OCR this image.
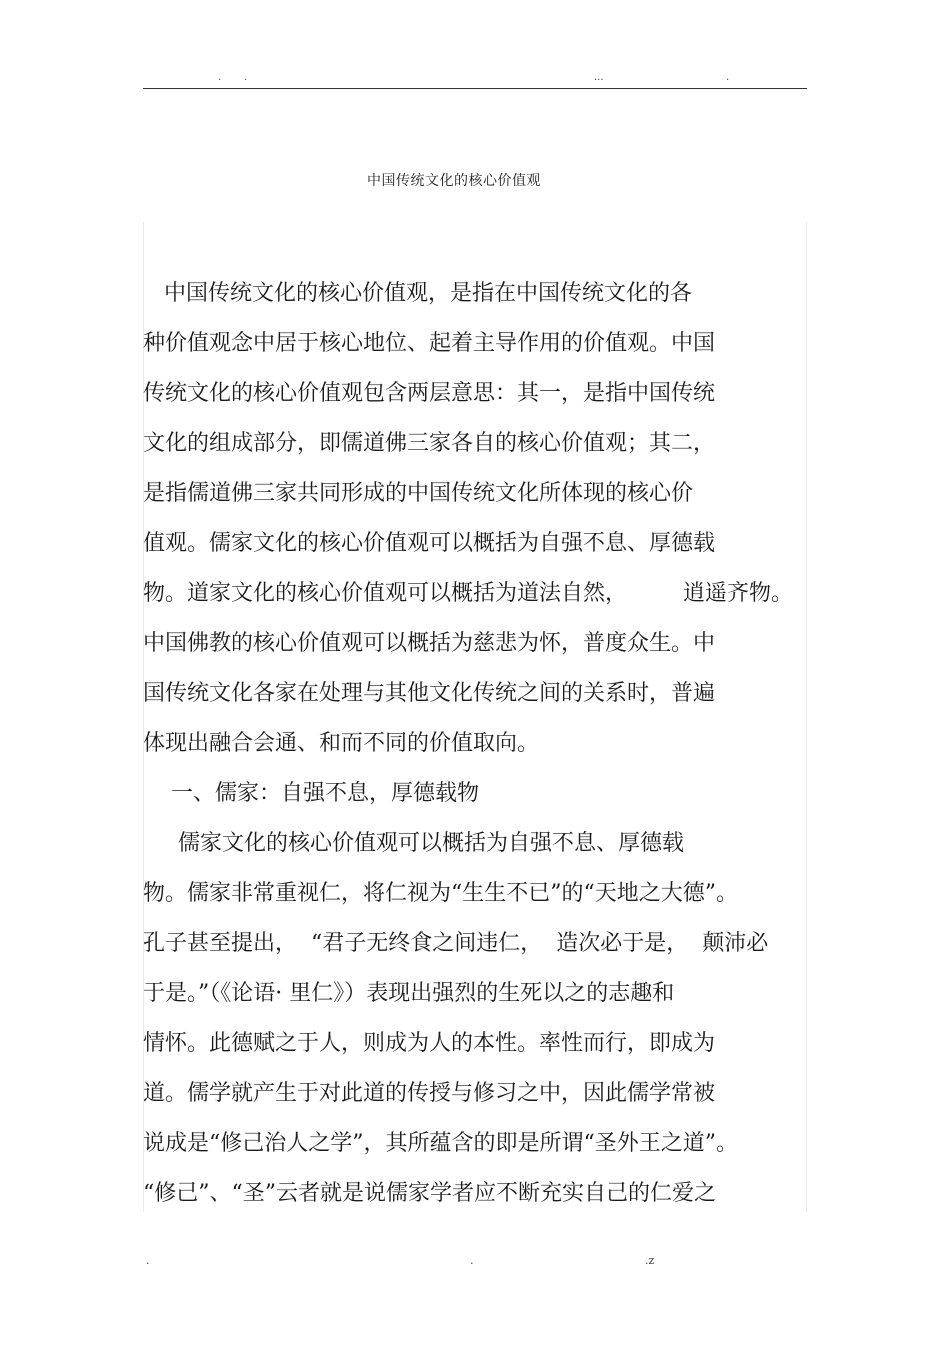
. .	...	.
中国传统文化的核心价值观
中国传统文化的核心价值观，是指在中国传统文化的各
种价值观念中居于核心地位、起着主导作用的价值观。中国
传统文化的核心价值观包含两层意思：其一，是指中国传统
文化的组成部分，即儒道佛三家各自的核心价值观；其二，
是指儒道佛三家共同形成的中国传统文化所体现的核心价
值观。儒家文化的核心价值观可以概括为自强不息、厚德载
物。道家文化的核心价值观可以概括为道法自然，        逍遥齐物。
中国佛教的核心价值观可以概括为慈悲为怀，普度众生。中
国传统文化各家在处理与其他文化传统之间的关系时，普遍
体现出融合会通、和而不同的价值取向。
一、儒家：自强不息，厚德载物
儒家文化的核心价值观可以概括为自强不息、厚德载
物。儒家非常重视仁，将仁视为“生生不已”的“天地之大德”。
孔子甚至提出，  “君子无终食之间违仁，  造次必于是，  颠沛必
于是。”（《论语· 里仁》）表现出强烈的生死以之的志趣和
情怀。此德赋之于人，则成为人的本性。率性而行，即成为
道。儒学就产生于对此道的传授与修习之中，因此儒学常被
说成是“修己治人之学”，其所蕴含的即是所谓“圣外王之道”。
“修己”、“圣”云者就是说儒家学者应不断充实自己的仁爱之
.	.	.z
